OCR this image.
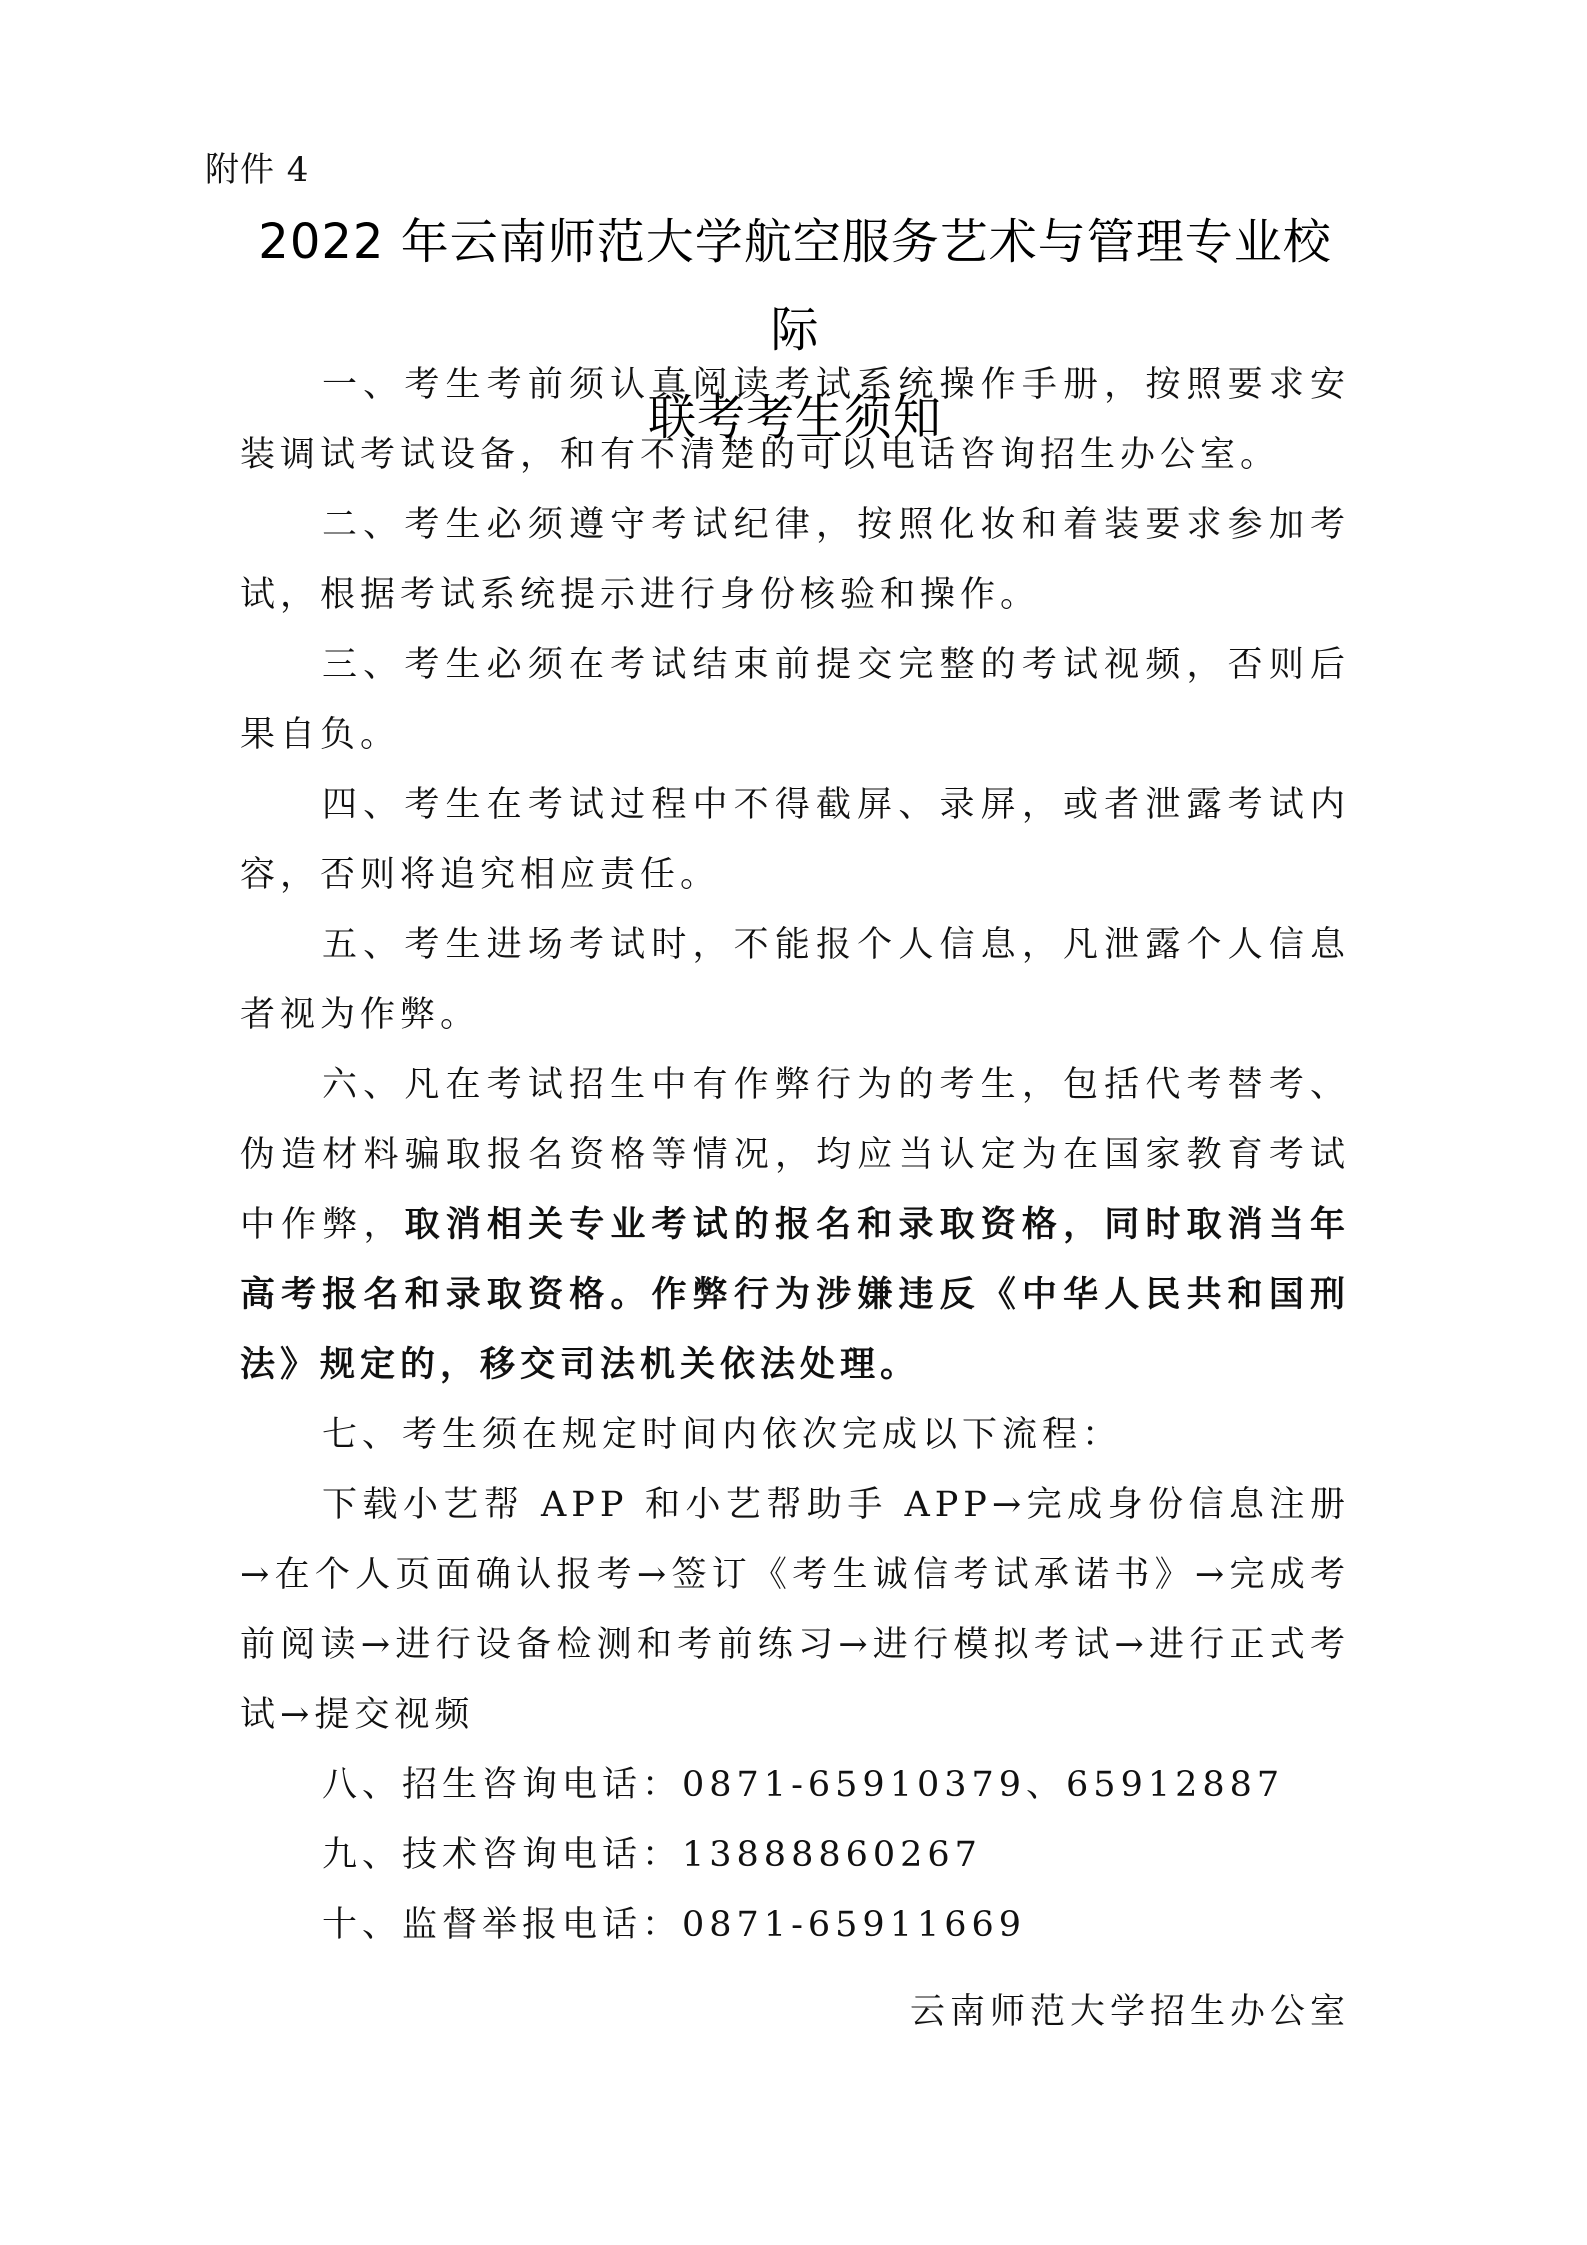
附件 4
2022 年云南师范大学航空服务艺术与管理专业校际
联考考生须知

一、考生考前须认真阅读考试系统操作手册，按照要求安装调试考试设备，和有不清楚的可以电话咨询招生办公室。

二、考生必须遵守考试纪律，按照化妆和着装要求参加考试，根据考试系统提示进行身份核验和操作。

三、考生必须在考试结束前提交完整的考试视频，否则后果自负。

四、考生在考试过程中不得截屏、录屏，或者泄露考试内容，否则将追究相应责任。

五、考生进场考试时，不能报个人信息，凡泄露个人信息者视为作弊。

六、凡在考试招生中有作弊行为的考生，包括代考替考、伪造材料骗取报名资格等情况，均应当认定为在国家教育考试中作弊，取消相关专业考试的报名和录取资格，同时取消当年高考报名和录取资格。作弊行为涉嫌违反《中华人民共和国刑法》规定的，移交司法机关依法处理。

七、考生须在规定时间内依次完成以下流程：

下载小艺帮 APP 和小艺帮助手 APP→完成身份信息注册→在个人页面确认报考→签订《考生诚信考试承诺书》→完成考前阅读→进行设备检测和考前练习→进行模拟考试→进行正式考试→提交视频

八、招生咨询电话：0871-65910379、65912887

九、技术咨询电话：13888860267

十、监督举报电话：0871-65911669

云南师范大学招生办公室
